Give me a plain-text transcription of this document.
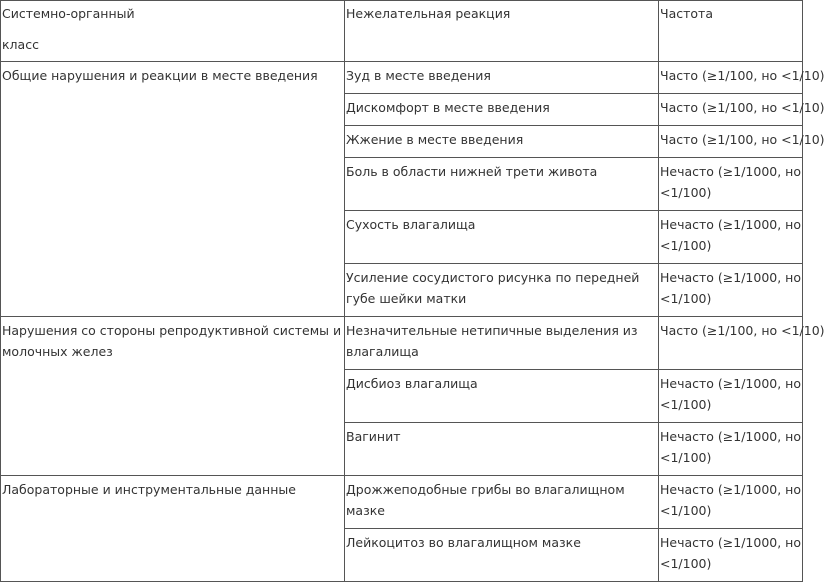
Системно-органный
класс	Нежелательная реакция	Частота
Общие нарушения и реакции в месте введения	Зуд в месте введения	Часто (≥1/100, но <1/10)
	Дискомфорт в месте введения	Часто (≥1/100, но <1/10)
	Жжение в месте введения	Часто (≥1/100, но <1/10)
	Боль в области нижней трети живота	Нечасто (≥1/1000, но <1/100)
	Сухость влагалища	Нечасто (≥1/1000, но <1/100)
	Усиление сосудистого рисунка по передней губе шейки матки	Нечасто (≥1/1000, но <1/100)
Нарушения со стороны репродуктивной системы и молочных желез	Незначительные нетипичные выделения из влагалища	Часто (≥1/100, но <1/10)
	Дисбиоз влагалища	Нечасто (≥1/1000, но <1/100)
	Вагинит	Нечасто (≥1/1000, но <1/100)
Лабораторные и инструментальные данные	Дрожжеподобные грибы во влагалищном мазке	Нечасто (≥1/1000, но <1/100)
	Лейкоцитоз во влагалищном мазке	Нечасто (≥1/1000, но <1/100)
